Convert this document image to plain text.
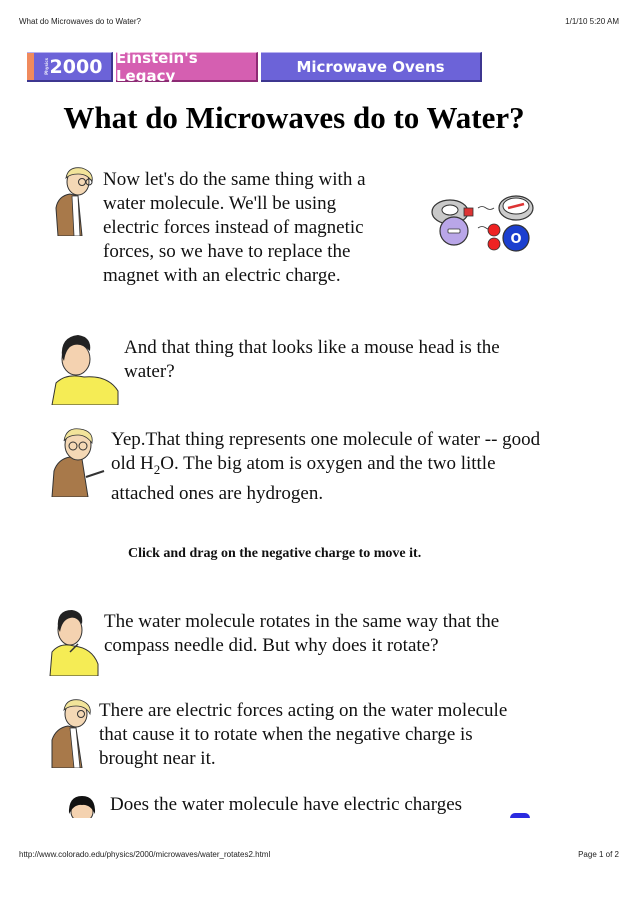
What do Microwaves do to Water?	1/1/10 5:20 AM
Physics 2000 Einstein's Legacy	Microwave Ovens
What do Microwaves do to Water?
Now let's do the same thing with a water molecule. We'll be using electric forces instead of magnetic forces, so we have to replace the magnet with an electric charge.
O
And that thing that looks like a mouse head is the water?
Yep.That thing represents one molecule of water -- good old $H_2O$. The big atom is oxygen and the two little attached ones are hydrogen.
Click and drag on the negative charge to move it.
The water molecule rotates in the same way that the compass needle did. But why does it rotate?
There are electric forces acting on the water molecule that cause it to rotate when the negative charge is brought near it.
Does the water molecule have electric charges
http://www.colorado.edu/physics/2000/microwaves/water_rotates2.html	Page 1 of 2
